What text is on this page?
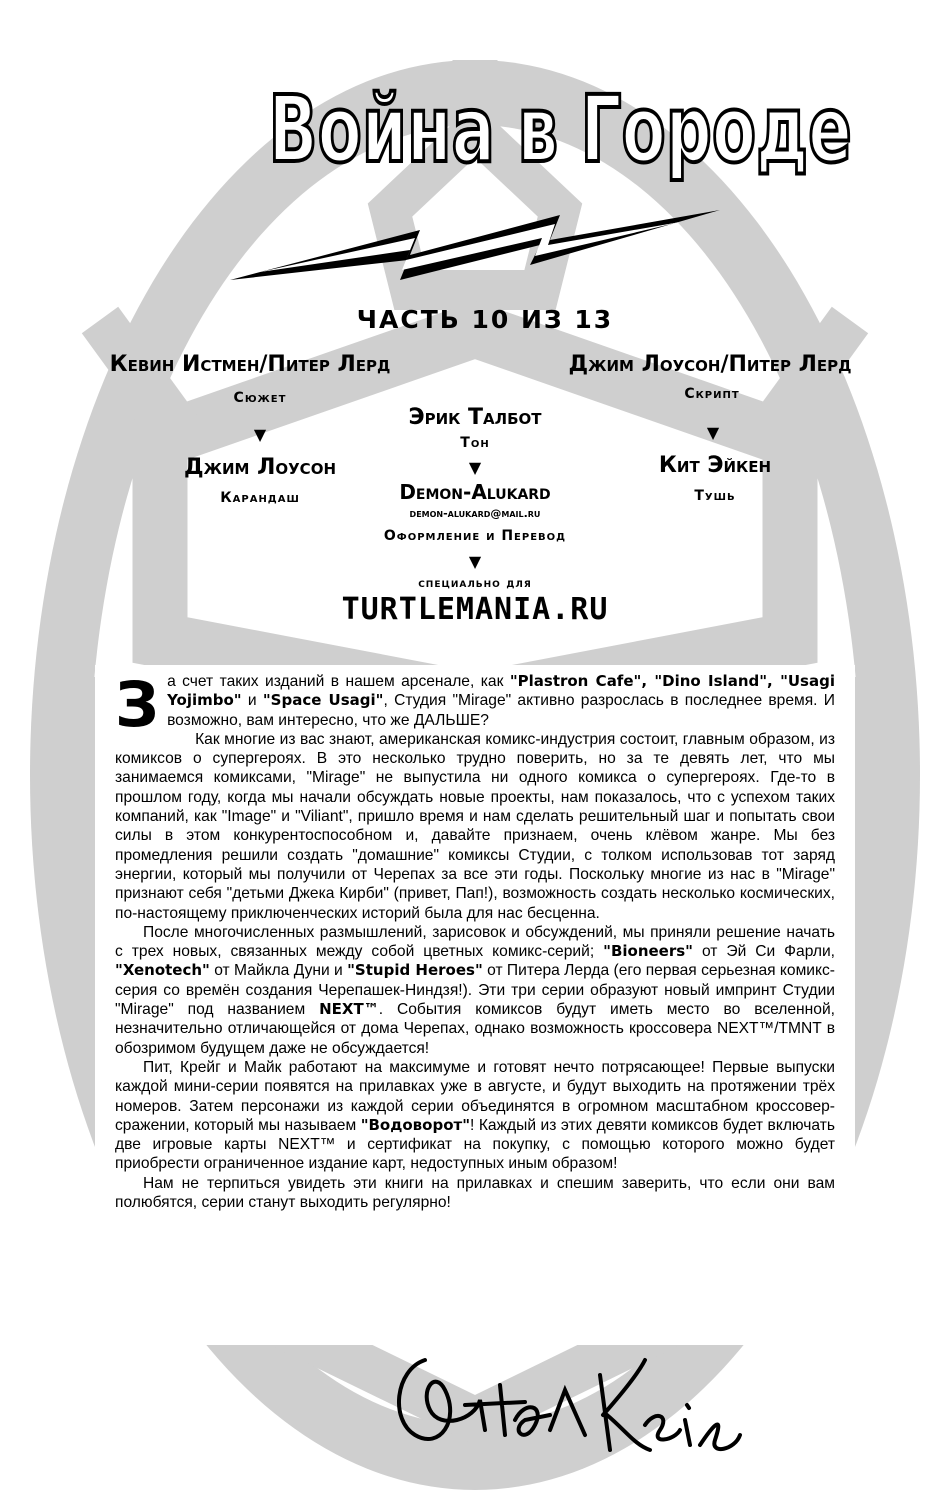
Война в Городе
ЧАСТЬ 10 ИЗ 13
Кевин Истмен/Питер Лерд
Сюжет
▼
Джим Лоусон
Карандаш
Джим Лоусон/Питер Лерд
Скрипт
▼
Кит Эйкен
Тушь
Эрик Талбот
Тон
▼
Demon-Alukard
demon-alukard@mail.ru
Оформление и Перевод
▼
специально для
TURTLEMANIA.RU

За счет таких изданий в нашем арсенале, как "Plastron Cafe", "Dino Island", "Usagi Yojimbo" и "Space Usagi", Студия "Mirage" активно разрослась в последнее время. И возможно, вам интересно, что же ДАЛЬШЕ?

Как многие из вас знают, американская комикс-индустрия состоит, главным образом, из комиксов о супергероях. В это несколько трудно поверить, но за те девять лет, что мы занимаемся комиксами, "Mirage" не выпустила ни одного комикса о супергероях. Где-то в прошлом году, когда мы начали обсуждать новые проекты, нам показалось, что с успехом таких компаний, как "Image" и "Viliant", пришло время и нам сделать решительный шаг и попытать свои силы в этом конкурентоспособном и, давайте признаем, очень клёвом жанре. Мы без промедления решили создать "домашние" комиксы Студии, с толком использовав тот заряд энергии, который мы получили от Черепах за все эти годы. Поскольку многие из нас в "Mirage" признают себя "детьми Джека Кирби" (привет, Пап!), возможность создать несколько космических, по-настоящему приключенческих историй была для нас бесценна.

После многочисленных размышлений, зарисовок и обсуждений, мы приняли решение начать с трех новых, связанных между собой цветных комикс-серий; "Bioneers" от Эй Си Фарли, "Xenotech" от Майкла Дуни и "Stupid Heroes" от Питера Лерда (его первая серьезная комикс-серия со времён создания Черепашек-Ниндзя!). Эти три серии образуют новый импринт Студии "Mirage" под названием NEXT™. События комиксов будут иметь место во вселенной, незначительно отличающейся от дома Черепах, однако возможность кроссовера NEXT™/TMNT в обозримом будущем даже не обсуждается!

Пит, Крейг и Майк работают на максимуме и готовят нечто потрясающее! Первые выпуски каждой мини-серии появятся на прилавках уже в августе, и будут выходить на протяжении трёх номеров. Затем персонажи из каждой серии объединятся в огромном масштабном кроссовер-сражении, который мы называем "Водоворот"! Каждый из этих девяти комиксов будет включать две игровые карты NEXT™ и сертификат на покупку, с помощью которого можно будет приобрести ограниченное издание карт, недоступных иным образом!

Нам не терпиться увидеть эти книги на прилавках и спешим заверить, что если они вам полюбятся, серии станут выходить регулярно!
